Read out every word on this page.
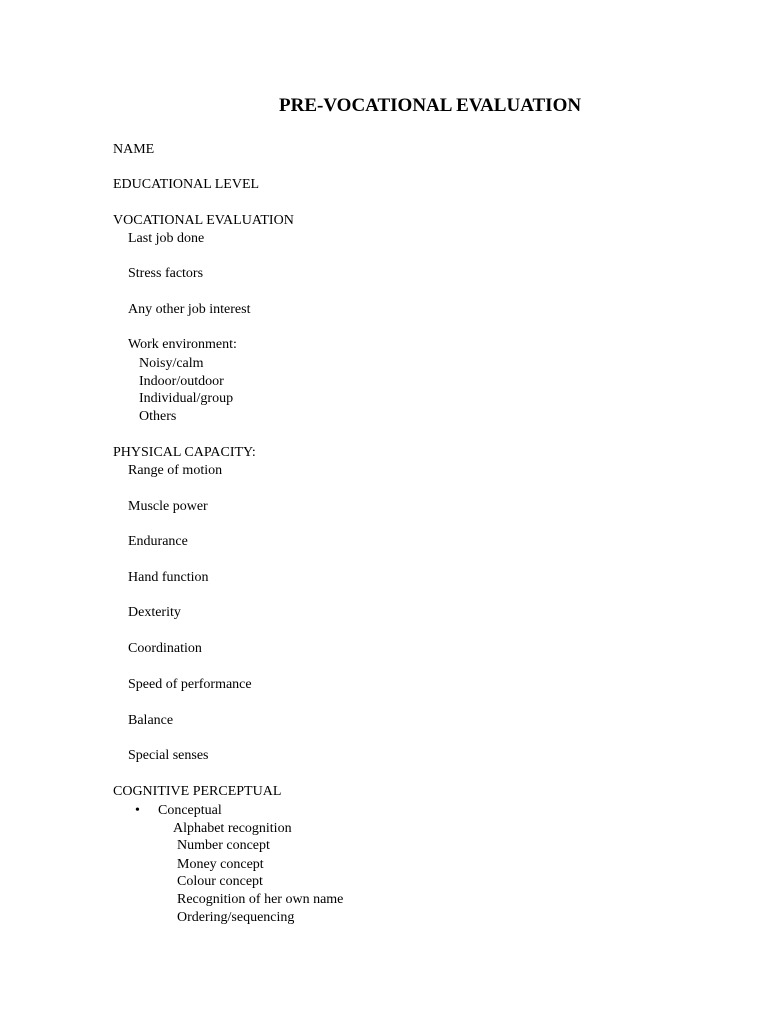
PRE-VOCATIONAL EVALUATION
NAME
EDUCATIONAL LEVEL
VOCATIONAL EVALUATION
Last job done
Stress factors
Any other job interest
Work environment:
Noisy/calm
Indoor/outdoor
Individual/group
Others
PHYSICAL CAPACITY:
Range of motion
Muscle power
Endurance
Hand function
Dexterity
Coordination
Speed of performance
Balance
Special senses
COGNITIVE PERCEPTUAL
• Conceptual
Alphabet recognition
Number concept
Money concept
Colour concept
Recognition of her own name
Ordering/sequencing
